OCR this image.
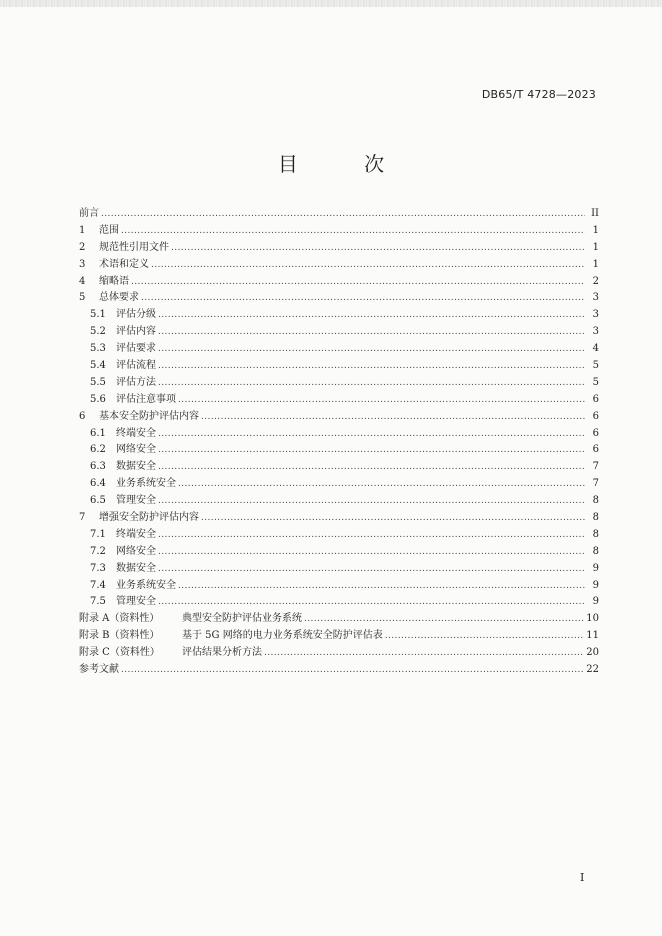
DB65/T 4728—2023
目 次
前言 .....	II
1	范围 .....	1
2	规范性引用文件 .....	1
3	术语和定义 .....	1
4	缩略语 .....	2
5	总体要求 .....	3
5.1	评估分级 .....	3
5.2	评估内容 .....	3
5.3	评估要求 .....	4
5.4	评估流程 .....	5
5.5	评估方法 .....	5
5.6	评估注意事项 .....	6
6	基本安全防护评估内容 .....	6
6.1	终端安全 .....	6
6.2	网络安全 .....	6
6.3	数据安全 .....	7
6.4	业务系统安全 .....	7
6.5	管理安全 .....	8
7	增强安全防护评估内容 .....	8
7.1	终端安全 .....	8
7.2	网络安全 .....	8
7.3	数据安全 .....	9
7.4	业务系统安全 .....	9
7.5	管理安全 .....	9
附录 A（资料性）	典型安全防护评估业务系统 .....	10
附录 B（资料性）	基于 5G 网络的电力业务系统安全防护评估表 .....	11
附录 C（资料性）	评估结果分析方法 .....	20
参考文献 .....	22
I
